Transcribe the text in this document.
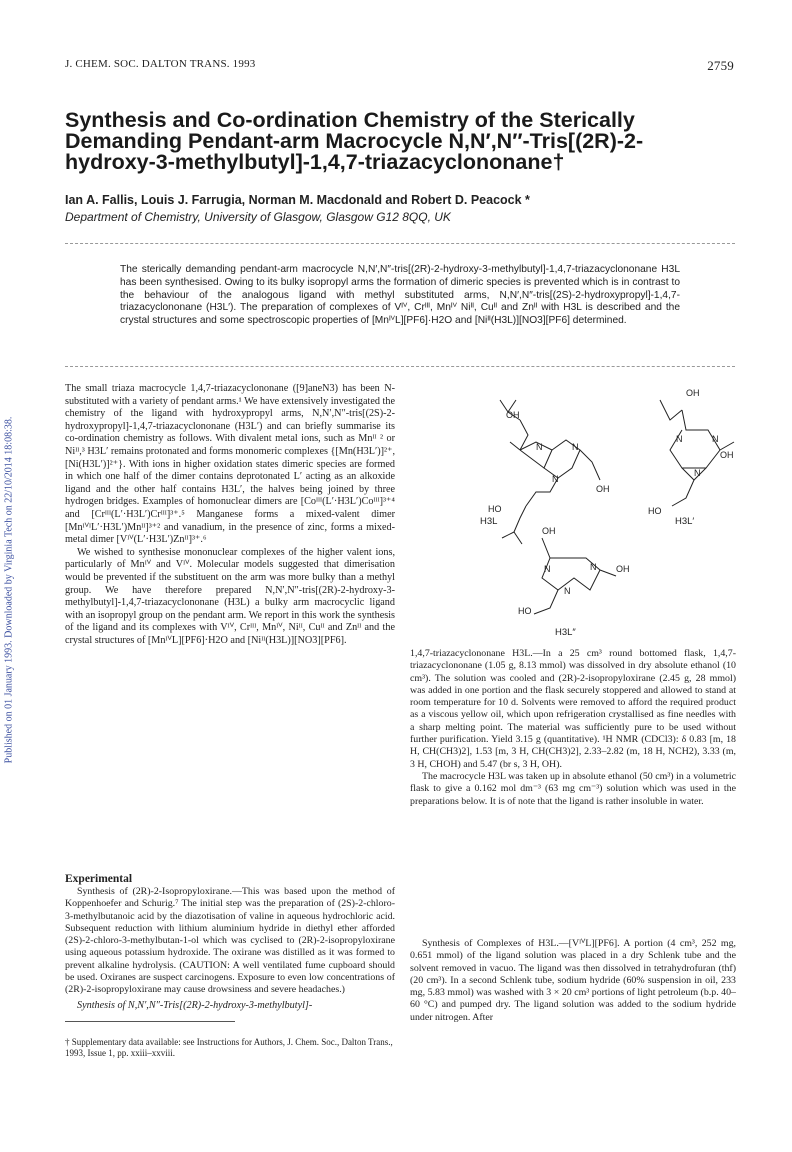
J. CHEM. SOC. DALTON TRANS. 1993	2759
Synthesis and Co-ordination Chemistry of the Sterically Demanding Pendant-arm Macrocycle N,N′,N″-Tris[(2R)-2-hydroxy-3-methylbutyl]-1,4,7-triazacyclononane†
Ian A. Fallis, Louis J. Farrugia, Norman M. Macdonald and Robert D. Peacock *
Department of Chemistry, University of Glasgow, Glasgow G12 8QQ, UK
The sterically demanding pendant-arm macrocycle N,N′,N″-tris[(2R)-2-hydroxy-3-methylbutyl]-1,4,7-triazacyclononane H3L has been synthesised. Owing to its bulky isopropyl arms the formation of dimeric species is prevented which is in contrast to the behaviour of the analogous ligand with methyl substituted arms, N,N′,N″-tris[(2S)-2-hydroxypropyl]-1,4,7-triazacyclononane (H3L′). The preparation of complexes of Vᴵⱽ, Crᴵᴵᴵ, Mnᴵⱽ Niᴵᴵ, Cuᴵᴵ and Znᴵᴵ with H3L is described and the crystal structures and some spectroscopic properties of [MnᴵⱽL][PF6]·H2O and [Niᴵᴵ(H3L)][NO3][PF6] determined.
Published on 01 January 1993. Downloaded by Virginia Tech on 22/10/2014 18:08:38.

The small triaza macrocycle 1,4,7-triazacyclononane ([9]aneN3) has been N-substituted with a variety of pendant arms.¹ We have extensively investigated the chemistry of the ligand with hydroxypropyl arms, N,N′,N″-tris[(2S)-2-hydroxypropyl]-1,4,7-triazacyclononane (H3L′) and can briefly summarise its co-ordination chemistry as follows. With divalent metal ions, such as Mnᴵᴵ ² or Niᴵᴵ,³ H3L′ remains protonated and forms monomeric complexes {[Mn(H3L′)]²⁺, [Ni(H3L′)]²⁺}. With ions in higher oxidation states dimeric species are formed in which one half of the dimer contains deprotonated L′ acting as an alkoxide ligand and the other half contains H3L′, the halves being joined by three hydrogen bridges. Examples of homonuclear dimers are [Coᴵᴵᴵ(L′·H3L′)Coᴵᴵᴵ]³⁺⁴ and [Crᴵᴵᴵ(L′·H3L′)Crᴵᴵᴵ]³⁺.⁵ Manganese forms a mixed-valent dimer [MnᴵⱽᴵL′·H3L′)Mnᴵᴵ]³⁺² and vanadium, in the presence of zinc, forms a mixed-metal dimer [Vᴵⱽ(L′·H3L′)Znᴵᴵ]³⁺.⁶

We wished to synthesise mononuclear complexes of the higher valent ions, particularly of Mnᴵⱽ and Vᴵⱽ. Molecular models suggested that dimerisation would be prevented if the substituent on the arm was more bulky than a methyl group. We have therefore prepared N,N′,N″-tris[(2R)-2-hydroxy-3-methylbutyl]-1,4,7-triazacyclononane (H3L) a bulky arm macrocyclic ligand with an isopropyl group on the pendant arm. We report in this work the synthesis of the ligand and its complexes with Vᴵⱽ, Crᴵᴵᴵ, Mnᴵⱽ, Niᴵᴵ, Cuᴵᴵ and Znᴵᴵ and the crystal structures of [MnᴵⱽL][PF6]·H2O and [Niᴵᴵ(H3L)][NO3][PF6].

Experimental

Synthesis of (2R)-2-Isopropyloxirane.—This was based upon the method of Koppenhoefer and Schurig.⁷ The initial step was the preparation of (2S)-2-chloro-3-methylbutanoic acid by the diazotisation of valine in aqueous hydrochloric acid. Subsequent reduction with lithium aluminium hydride in diethyl ether afforded (2S)-2-chloro-3-methylbutan-1-ol which was cyclised to (2R)-2-isopropyloxirane using aqueous potassium hydroxide. The oxirane was distilled as it was formed to prevent alkaline hydrolysis. (CAUTION: A well ventilated fume cupboard should be used. Oxiranes are suspect carcinogens. Exposure to even low concentrations of (2R)-2-isopropyloxirane may cause drowsiness and severe headaches.)

Synthesis of N,N′,N″-Tris[(2R)-2-hydroxy-3-methylbutyl]-

† Supplementary data available: see Instructions for Authors, J. Chem. Soc., Dalton Trans., 1993, Issue 1, pp. xxiii–xxviii.
OH
N	N
N
OH
HO
OH
N	N
N
OH
HO
OH
N	N
N
OH
HO
H3L	H3L′
H3L″

1,4,7-triazacyclononane H3L.—In a 25 cm³ round bottomed flask, 1,4,7-triazacyclononane (1.05 g, 8.13 mmol) was dissolved in dry absolute ethanol (10 cm³). The solution was cooled and (2R)-2-isopropyloxirane (2.45 g, 28 mmol) was added in one portion and the flask securely stoppered and allowed to stand at room temperature for 10 d. Solvents were removed to afford the required product as a viscous yellow oil, which upon refrigeration crystallised as fine needles with a sharp melting point. The material was sufficiently pure to be used without further purification. Yield 3.15 g (quantitative). ¹H NMR (CDCl3): δ 0.83 [m, 18 H, CH(CH3)2], 1.53 [m, 3 H, CH(CH3)2], 2.33–2.82 (m, 18 H, NCH2), 3.33 (m, 3 H, CHOH) and 5.47 (br s, 3 H, OH).

The macrocycle H3L was taken up in absolute ethanol (50 cm³) in a volumetric flask to give a 0.162 mol dm⁻³ (63 mg cm⁻³) solution which was used in the preparations below. It is of note that the ligand is rather insoluble in water.

Synthesis of Complexes of H3L.—[VᴵⱽL][PF6]. A portion (4 cm³, 252 mg, 0.651 mmol) of the ligand solution was placed in a dry Schlenk tube and the solvent removed in vacuo. The ligand was then dissolved in tetrahydrofuran (thf) (20 cm³). In a second Schlenk tube, sodium hydride (60% suspension in oil, 233 mg, 5.83 mmol) was washed with 3 × 20 cm³ portions of light petroleum (b.p. 40–60 °C) and pumped dry. The ligand solution was added to the sodium hydride under nitrogen. After
